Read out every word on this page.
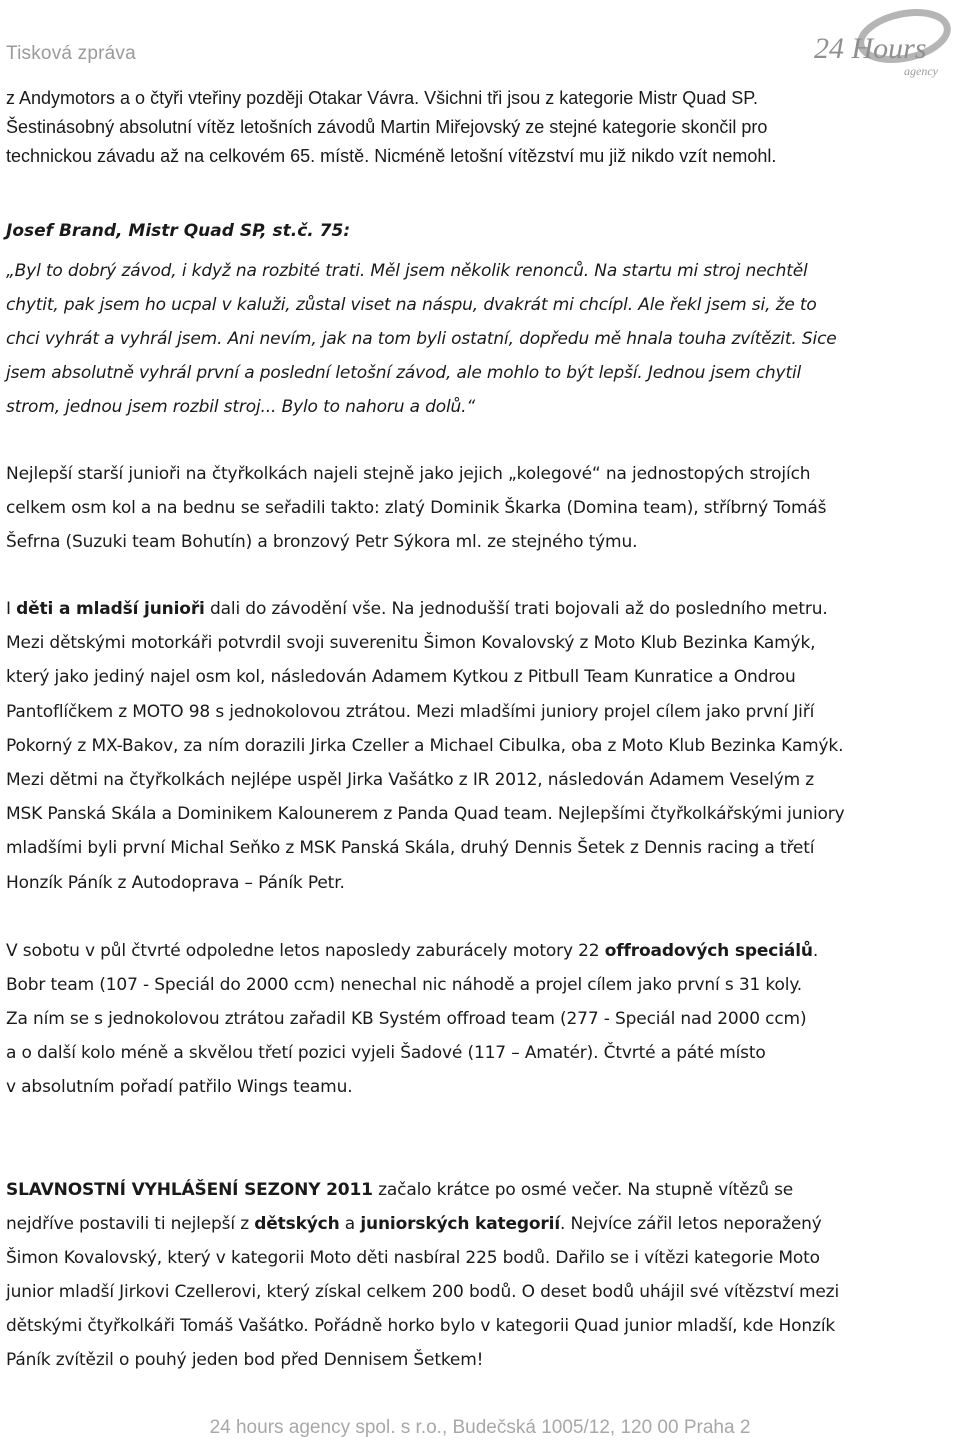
Tisková zpráva	24 Hours
agency
z Andymotors a o čtyři vteřiny později Otakar Vávra. Všichni tři jsou z kategorie Mistr Quad SP.
Šestinásobný absolutní vítěz letošních závodů Martin Miřejovský ze stejné kategorie skončil pro
technickou závadu až na celkovém 65. místě. Nicméně letošní vítězství mu již nikdo vzít nemohl.

Josef Brand, Mistr Quad SP, st.č. 75:

„Byl to dobrý závod, i když na rozbité trati. Měl jsem několik renonců. Na startu mi stroj nechtěl
chytit, pak jsem ho ucpal v kaluži, zůstal viset na náspu, dvakrát mi chcípl. Ale řekl jsem si, že to
chci vyhrát a vyhrál jsem. Ani nevím, jak na tom byli ostatní, dopředu mě hnala touha zvítězit. Sice
jsem absolutně vyhrál první a poslední letošní závod, ale mohlo to být lepší. Jednou jsem chytil
strom, jednou jsem rozbil stroj... Bylo to nahoru a dolů.“
Nejlepší starší junioři na čtyřkolkách najeli stejně jako jejich „kolegové“ na jednostopých strojích
celkem osm kol a na bednu se seřadili takto: zlatý Dominik Škarka (Domina team), stříbrný Tomáš
Šefrna (Suzuki team Bohutín) a bronzový Petr Sýkora ml. ze stejného týmu.
I děti a mladší junioři dali do závodění vše. Na jednodušší trati bojovali až do posledního metru.
Mezi dětskými motorkáři potvrdil svoji suverenitu Šimon Kovalovský z Moto Klub Bezinka Kamýk,
který jako jediný najel osm kol, následován Adamem Kytkou z Pitbull Team Kunratice a Ondrou
Pantoflíčkem z MOTO 98 s jednokolovou ztrátou. Mezi mladšími juniory projel cílem jako první Jiří
Pokorný z MX-Bakov, za ním dorazili Jirka Czeller a Michael Cibulka, oba z Moto Klub Bezinka Kamýk.
Mezi dětmi na čtyřkolkách nejlépe uspěl Jirka Vašátko z IR 2012, následován Adamem Veselým z
MSK Panská Skála a Dominikem Kalounerem z Panda Quad team. Nejlepšími čtyřkolkářskými juniory
mladšími byli první Michal Seňko z MSK Panská Skála, druhý Dennis Šetek z Dennis racing a třetí
Honzík Páník z Autodoprava – Páník Petr.
V sobotu v půl čtvrté odpoledne letos naposledy zaburácely motory 22 offroadových speciálů.
Bobr team (107 - Speciál do 2000 ccm) nenechal nic náhodě a projel cílem jako první s 31 koly.
Za ním se s jednokolovou ztrátou zařadil KB Systém offroad team (277 - Speciál nad 2000 ccm)
a o další kolo méně a skvělou třetí pozici vyjeli Šadové (117 – Amatér). Čtvrté a páté místo
v absolutním pořadí patřilo Wings teamu.
SLAVNOSTNÍ VYHLÁŠENÍ SEZONY 2011 začalo krátce po osmé večer. Na stupně vítězů se
nejdříve postavili ti nejlepší z dětských a juniorských kategorií. Nejvíce zářil letos neporažený
Šimon Kovalovský, který v kategorii Moto děti nasbíral 225 bodů. Dařilo se i vítězi kategorie Moto
junior mladší Jirkovi Czellerovi, který získal celkem 200 bodů. O deset bodů uhájil své vítězství mezi
dětskými čtyřkolkáři Tomáš Vašátko. Pořádně horko bylo v kategorii Quad junior mladší, kde Honzík
Páník zvítězil o pouhý jeden bod před Dennisem Šetkem!
24 hours agency spol. s r.o., Budečská 1005/12, 120 00 Praha 2
